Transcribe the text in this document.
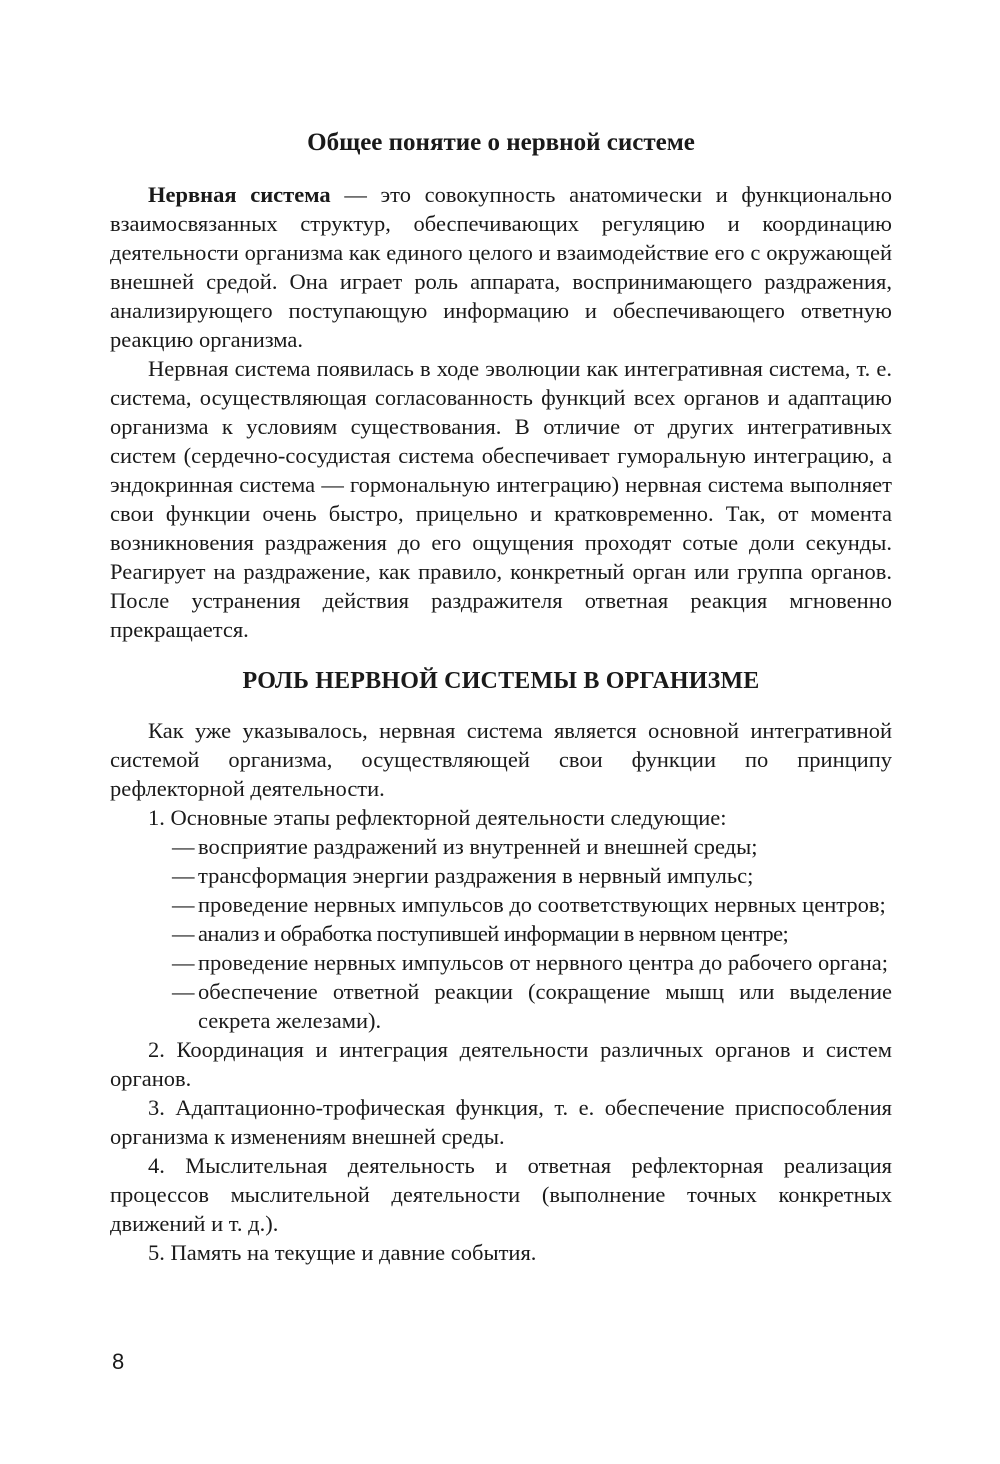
Общее понятие о нервной системе

Нервная система — это совокупность анатомически и функционально взаимосвязанных структур, обеспечивающих регуляцию и координацию деятельности организма как единого целого и взаимодействие его с окружающей внешней средой. Она играет роль аппарата, воспринимающего раздражения, анализирующего поступающую информацию и обеспечивающего ответную реакцию организма.

Нервная система появилась в ходе эволюции как интегративная система, т. е. система, осуществляющая согласованность функций всех органов и адаптацию организма к условиям существования. В отличие от других интегративных систем (сердечно-сосудистая система обеспечивает гуморальную интеграцию, а эндокринная система — гормональную интеграцию) нервная система выполняет свои функции очень быстро, прицельно и кратковременно. Так, от момента возникновения раздражения до его ощущения проходят сотые доли секунды. Реагирует на раздражение, как правило, конкретный орган или группа органов. После устранения действия раздражителя ответная реакция мгновенно прекращается.

РОЛЬ НЕРВНОЙ СИСТЕМЫ В ОРГАНИЗМЕ

Как уже указывалось, нервная система является основной интегративной системой организма, осуществляющей свои функции по принципу рефлекторной деятельности.

1. Основные этапы рефлекторной деятельности следующие:

— восприятие раздражений из внутренней и внешней среды;
— трансформация энергии раздражения в нервный импульс;
— проведение нервных импульсов до соответствующих нервных центров;
— анализ и обработка поступившей информации в нервном центре;
— проведение нервных импульсов от нервного центра до рабочего органа;
— обеспечение ответной реакции (сокращение мышц или выделение секрета железами).

2. Координация и интеграция деятельности различных органов и систем органов.

3. Адаптационно-трофическая функция, т. е. обеспечение приспособления организма к изменениям внешней среды.

4. Мыслительная деятельность и ответная рефлекторная реализация процессов мыслительной деятельности (выполнение точных конкретных движений и т. д.).

5. Память на текущие и давние события.

8
